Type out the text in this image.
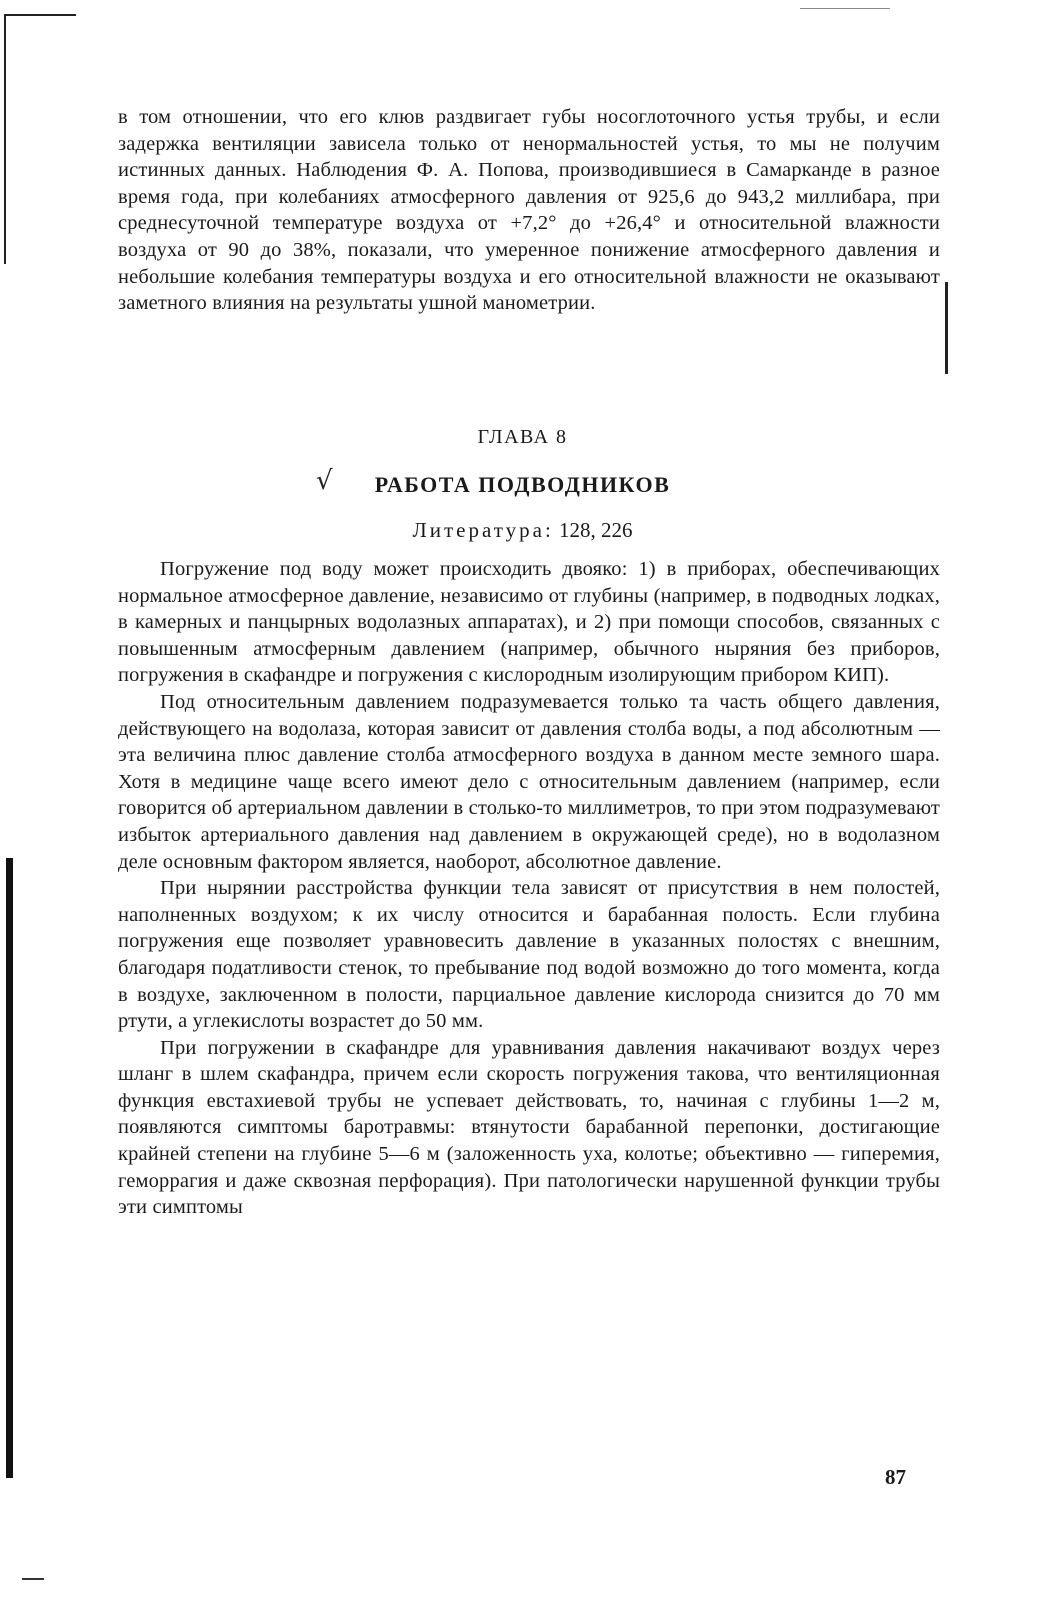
в том отношении, что его клюв раздвигает губы носоглоточного устья трубы, и если задержка вентиляции зависела только от ненормальностей устья, то мы не получим истинных данных. Наблюдения Ф. А. Попова, производившиеся в Самарканде в разное время года, при колебаниях атмосферного давления от 925,6 до 943,2 миллибара, при среднесуточной температуре воздуха от +7,2° до +26,4° и относительной влажности воздуха от 90 до 38%, показали, что умеренное понижение атмосферного давления и небольшие колебания температуры воздуха и его относительной влажности не оказывают заметного влияния на результаты ушной манометрии.

ГЛАВА 8
√	РАБОТА ПОДВОДНИКОВ
Литература: 128, 226

Погружение под воду может происходить двояко: 1) в приборах, обеспечивающих нормальное атмосферное давление, независимо от глубины (например, в подводных лодках, в камерных и панцырных водолазных аппаратах), и 2) при помощи способов, связанных с повышенным атмосферным давлением (например, обычного ныряния без приборов, погружения в скафандре и погружения с кислородным изолирующим прибором КИП).

Под относительным давлением подразумевается только та часть общего давления, действующего на водолаза, которая зависит от давления столба воды, а под абсолютным — эта величина плюс давление столба атмосферного воздуха в данном месте земного шара. Хотя в медицине чаще всего имеют дело с относительным давлением (например, если говорится об артериальном давлении в столько-то миллиметров, то при этом подразумевают избыток артериального давления над давлением в окружающей среде), но в водолазном деле основным фактором является, наоборот, абсолютное давление.

При нырянии расстройства функции тела зависят от присутствия в нем полостей, наполненных воздухом; к их числу относится и барабанная полость. Если глубина погружения еще позволяет уравновесить давление в указанных полостях с внешним, благодаря податливости стенок, то пребывание под водой возможно до того момента, когда в воздухе, заключенном в полости, парциальное давление кислорода снизится до 70 мм ртути, а углекислоты возрастет до 50 мм.

При погружении в скафандре для уравнивания давления накачивают воздух через шланг в шлем скафандра, причем если скорость погружения такова, что вентиляционная функция евстахиевой трубы не успевает действовать, то, начиная с глубины 1—2 м, появляются симптомы баротравмы: втянутости барабанной перепонки, достигающие крайней степени на глубине 5—6 м (заложенность уха, колотье; объективно — гиперемия, геморрагия и даже сквозная перфорация). При патологически нарушенной функции трубы эти симптомы

87
